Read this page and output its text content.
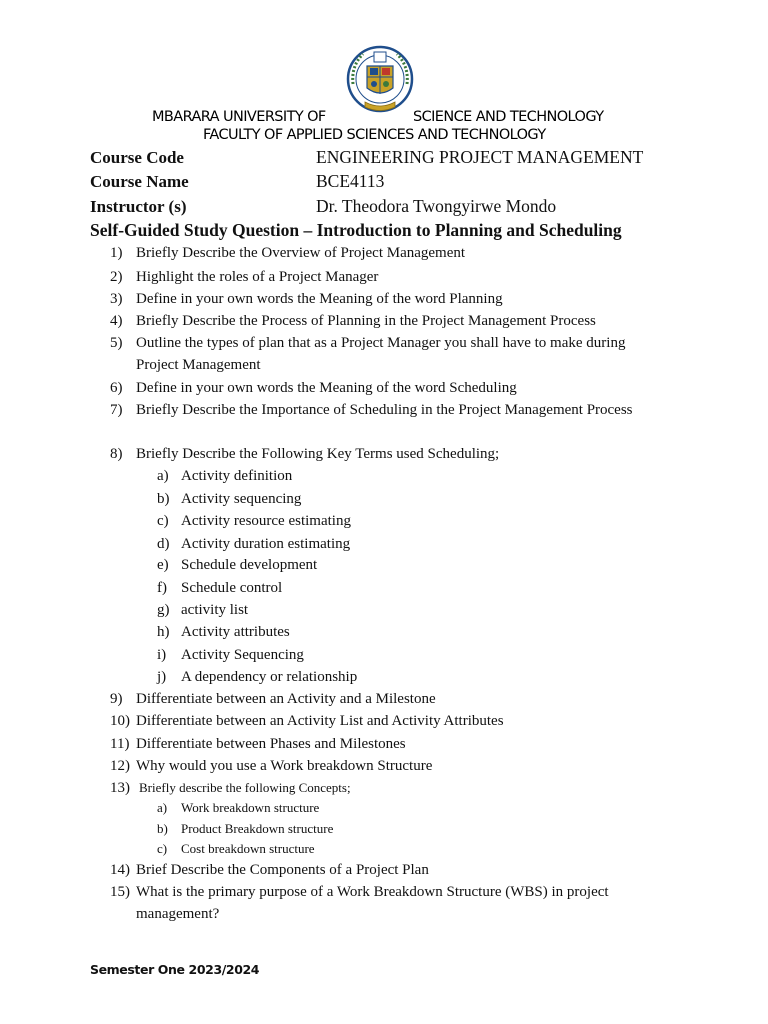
MBARARA UNIVERSITY OF	SCIENCE AND TECHNOLOGY
FACULTY OF APPLIED SCIENCES AND TECHNOLOGY
Course Code	ENGINEERING PROJECT MANAGEMENT
Course Name	BCE4113
Instructor (s)	Dr. Theodora Twongyirwe Mondo
Self-Guided Study Question – Introduction to Planning and Scheduling
1) Briefly Describe the Overview of Project Management
2) Highlight the roles of a Project Manager
3) Define in your own words the Meaning of the word Planning
4) Briefly Describe the Process of Planning in the Project Management Process
5) Outline the types of plan that as a Project Manager you shall have to make during Project Management
6) Define in your own words the Meaning of the word Scheduling
7) Briefly Describe the Importance of Scheduling in the Project Management Process
8) Briefly Describe the Following Key Terms used Scheduling;
a) Activity definition
b) Activity sequencing
c) Activity resource estimating
d) Activity duration estimating
e) Schedule development
f) Schedule control
g) activity list
h) Activity attributes
i) Activity Sequencing
j) A dependency or relationship
9) Differentiate between an Activity and a Milestone
10) Differentiate between an Activity List and Activity Attributes
11) Differentiate between Phases and Milestones
12) Why would you use a Work breakdown Structure
13) Briefly describe the following Concepts;
a) Work breakdown structure
b) Product Breakdown structure
c) Cost breakdown structure
14) Brief Describe the Components of a Project Plan
15) What is the primary purpose of a Work Breakdown Structure (WBS) in project management?
Semester One 2023/2024
